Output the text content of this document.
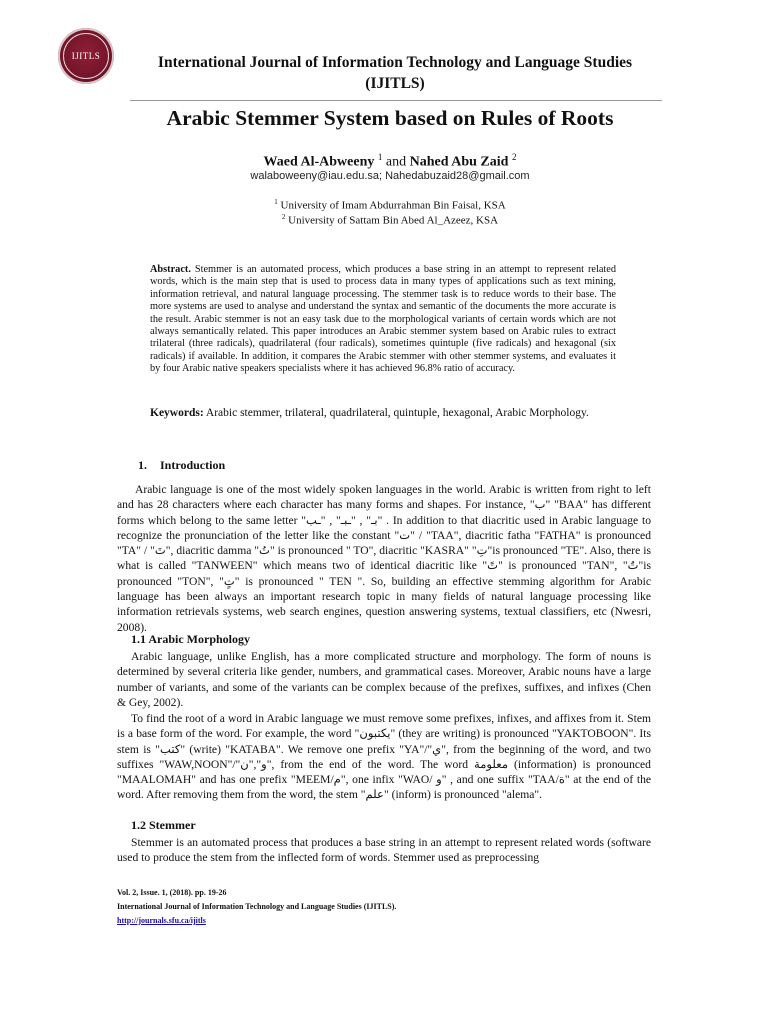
IJITLS	International Journal of Information Technology and Language Studies
(IJITLS)
Arabic Stemmer System based on Rules of Roots
Waed Al-Abweeny $^1$ and Nahed Abu Zaid $^2$
walaboweeny@iau.edu.sa; Nahedabuzaid28@gmail.com
$^1$ University of Imam Abdurrahman Bin Faisal, KSA
$^2$ University of Sattam Bin Abed Al_Azeez, KSA
Abstract. Stemmer is an automated process, which produces a base string in an attempt to represent related words, which is the main step that is used to process data in many types of applications such as text mining, information retrieval, and natural language processing. The stemmer task is to reduce words to their base. The more systems are used to analyse and understand the syntax and semantic of the documents the more accurate is the result. Arabic stemmer is not an easy task due to the morphological variants of certain words which are not always semantically related. This paper introduces an Arabic stemmer system based on Arabic rules to extract trilateral (three radicals), quadrilateral (four radicals), sometimes quintuple (five radicals) and hexagonal (six radicals) if available. In addition, it compares the Arabic stemmer with other stemmer systems, and evaluates it by four Arabic native speakers specialists where it has achieved 96.8% ratio of accuracy.
Keywords: Arabic stemmer, trilateral, quadrilateral, quintuple, hexagonal, Arabic Morphology.
1. Introduction
Arabic language is one of the most widely spoken languages in the world. Arabic is written from right to left and has 28 characters where each character has many forms and shapes. For instance, "ب" "BAA" has different forms which belong to the same letter "بـ" , "ـبـ" , "ـب" . In addition to that diacritic used in Arabic language to recognize the pronunciation of the letter like the constant "ت" / "TAA", diacritic fatha "FATHA" is pronounced "TA" / "تَ", diacritic damma "تُ" is pronounced " TO", diacritic "KASRA" "تِ"is pronounced "TE". Also, there is what is called "TANWEEN" which means two of identical diacritic like "تً" is pronounced "TAN", "تٌ"is pronounced "TON", "تٍ" is pronounced " TEN ". So, building an effective stemming algorithm for Arabic language has been always an important research topic in many fields of natural language processing like information retrievals systems, web search engines, question answering systems, textual classifiers, etc (Nwesri, 2008).
1.1 Arabic Morphology
Arabic language, unlike English, has a more complicated structure and morphology. The form of nouns is determined by several criteria like gender, numbers, and grammatical cases. Moreover, Arabic nouns have a large number of variants, and some of the variants can be complex because of the prefixes, suffixes, and infixes (Chen & Gey, 2002).
To find the root of a word in Arabic language we must remove some prefixes, infixes, and affixes from it. Stem is a base form of the word. For example, the word "يكتبون" (they are writing) is pronounced "YAKTOBOON". Its stem is "كتب" (write) "KATABA". We remove one prefix "YA"/"ي", from the beginning of the word, and two suffixes "WAW,NOON"/"و","ن", from the end of the word. The word معلومة (information) is pronounced "MAALOMAH" and has one prefix "MEEM/م", one infix "WAO/ و" , and one suffix "TAA/ة" at the end of the word. After removing them from the word, the stem "علم" (inform) is pronounced "alema".
1.2 Stemmer
Stemmer is an automated process that produces a base string in an attempt to represent related words (software used to produce the stem from the inflected form of words. Stemmer used as preprocessing
Vol. 2, Issue. 1, (2018). pp. 19-26
International Journal of Information Technology and Language Studies (IJITLS).
http://journals.sfu.ca/ijitls
